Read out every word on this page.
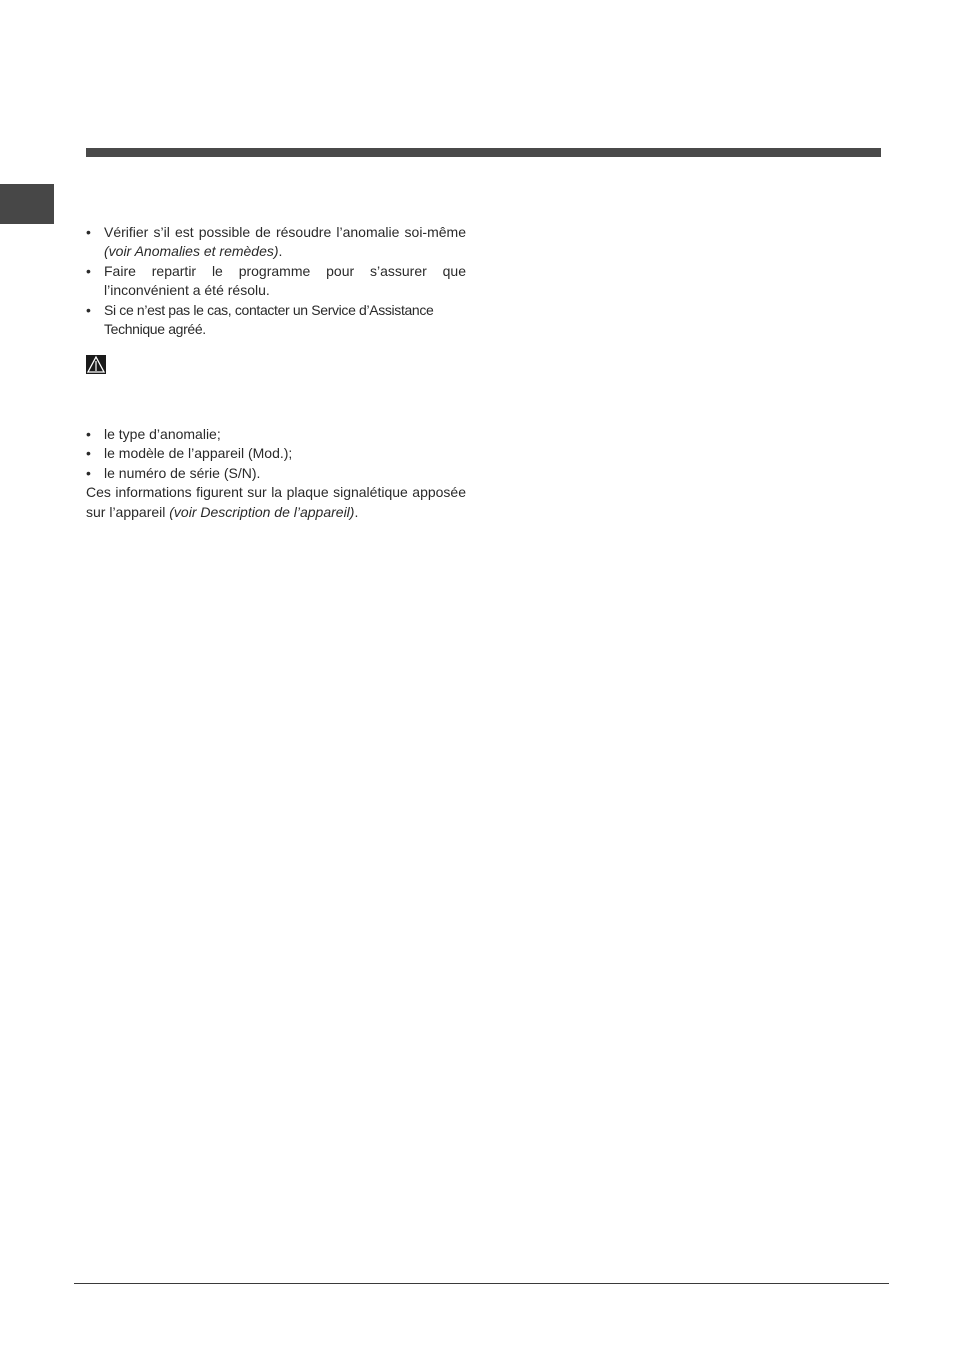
• Vérifier s’il est possible de résoudre l’anomalie soi-même (voir Anomalies et remèdes).
• Faire repartir le programme pour s’assurer que l’inconvénient a été résolu.
• Si ce n’est pas le cas, contacter un Service d’Assistance Technique agréé.
• le type d’anomalie;
• le modèle de l’appareil (Mod.);
• le numéro de série (S/N).

Ces informations figurent sur la plaque signalétique apposée sur l’appareil (voir Description de l’appareil).
